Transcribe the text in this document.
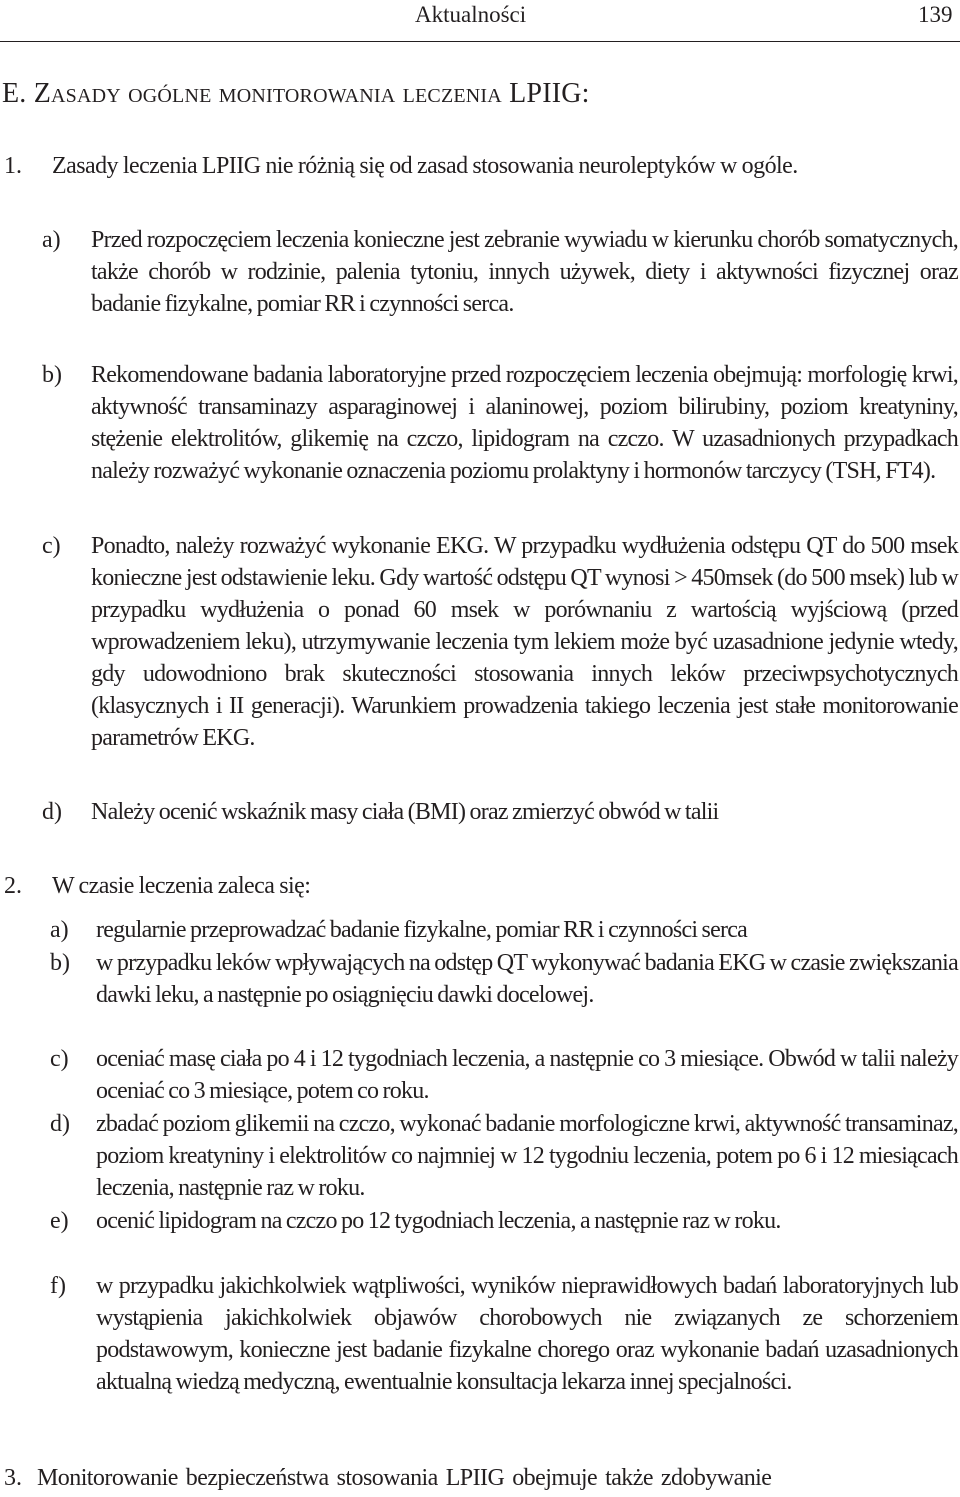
Aktualności	139
E. Zasady ogólne monitorowania leczenia LPIIG:
1. Zasady leczenia LPIIG nie różnią się od zasad stosowania neuroleptyków w ogóle.
a) Przed rozpoczęciem leczenia konieczne jest zebranie wywiadu w kierunku chorób somatycznych, także chorób w rodzinie, palenia tytoniu, innych używek, diety i aktywności fizycznej oraz badanie fizykalne, pomiar RR i czynności serca.
b) Rekomendowane badania laboratoryjne przed rozpoczęciem leczenia obejmują: morfologię krwi, aktywność transaminazy asparaginowej i alaninowej, poziom bilirubiny, poziom kreatyniny, stężenie elektrolitów, glikemię na czczo, lipidogram na czczo. W uzasadnionych przypadkach należy rozważyć wykonanie oznaczenia poziomu prolaktyny i hormonów tarczycy (TSH, FT4).
c) Ponadto, należy rozważyć wykonanie EKG. W przypadku wydłużenia odstępu QT do 500 msek konieczne jest odstawienie leku. Gdy wartość odstępu QT wynosi > 450msek (do 500 msek) lub w przypadku wydłużenia o ponad 60 msek w porównaniu z wartością wyjściową (przed wprowadzeniem leku), utrzymywanie leczenia tym lekiem może być uzasadnione jedynie wtedy, gdy udowodniono brak skuteczności stosowania innych leków przeciwpsychotycznych (klasycznych i II generacji). Warunkiem prowadzenia takiego leczenia jest stałe monitorowanie parametrów EKG.
d) Należy ocenić wskaźnik masy ciała (BMI) oraz zmierzyć obwód w talii
2. W czasie leczenia zaleca się:
a) regularnie przeprowadzać badanie fizykalne, pomiar RR i czynności serca
b) w przypadku leków wpływających na odstęp QT wykonywać badania EKG w czasie zwiększania dawki leku, a następnie po osiągnięciu dawki docelowej.
c) oceniać masę ciała po 4 i 12 tygodniach leczenia, a następnie co 3 miesiące. Obwód w talii należy oceniać co 3 miesiące, potem co roku.
d) zbadać poziom glikemii na czczo, wykonać badanie morfologiczne krwi, aktywność transaminaz, poziom kreatyniny i elektrolitów co najmniej w 12 tygodniu leczenia, potem po 6 i 12 miesiącach leczenia, następnie raz w roku.
e) ocenić lipidogram na czczo po 12 tygodniach leczenia, a następnie raz w roku.
f) w przypadku jakichkolwiek wątpliwości, wyników nieprawidłowych badań laboratoryjnych lub wystąpienia jakichkolwiek objawów chorobowych nie związanych ze schorzeniem podstawowym, konieczne jest badanie fizykalne chorego oraz wykonanie badań uzasadnionych aktualną wiedzą medyczną, ewentualnie konsultacja lekarza innej specjalności.
3. Monitorowanie bezpieczeństwa stosowania LPIIG obejmuje także zdobywanie
